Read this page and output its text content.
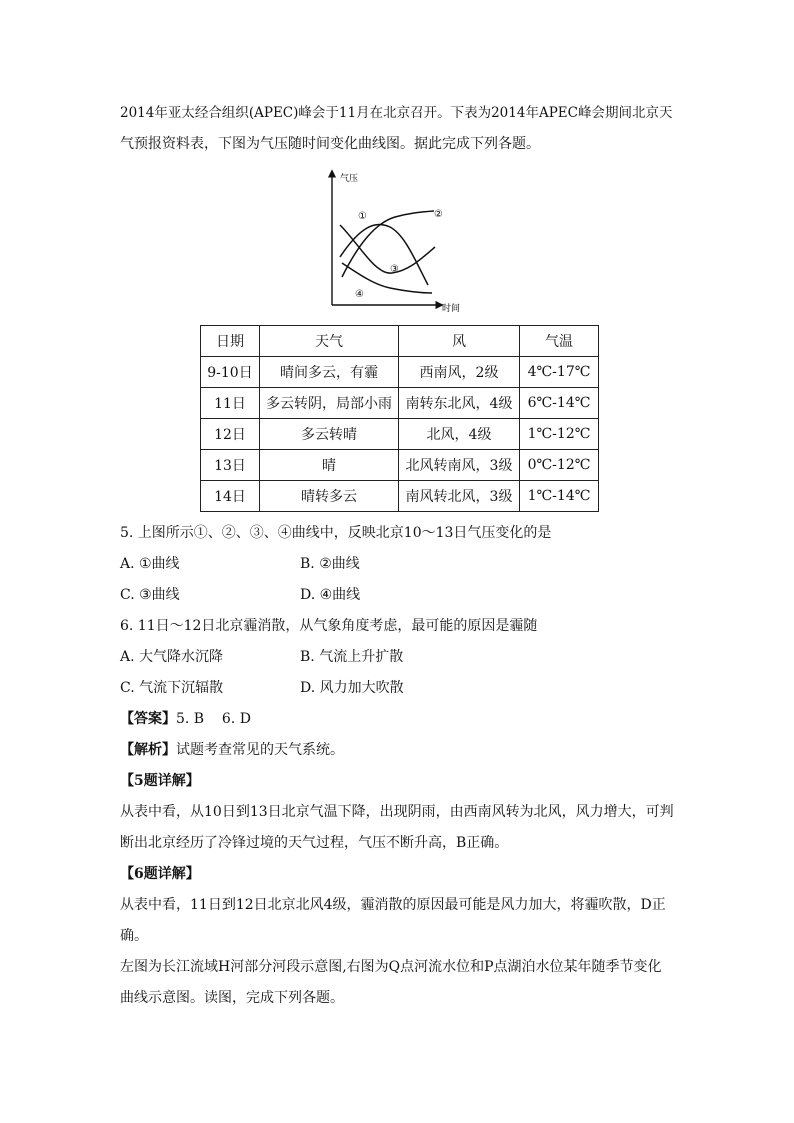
2014年亚太经合组织(APEC)峰会于11月在北京召开。下表为2014年APEC峰会期间北京天
气预报资料表，下图为气压随时间变化曲线图。据此完成下列各题。
气压
时间
①	②
③
④
日期	天气	风	气温
9-10日	晴间多云，有霾	西南风，2级	4℃-17℃
11日	多云转阴，局部小雨	南转东北风，4级	6℃-14℃
12日	多云转晴	北风，4级	1℃-12℃
13日	晴	北风转南风，3级	0℃-12℃
14日	晴转多云	南风转北风，3级	1℃-14℃
5. 上图所示①、②、③、④曲线中，反映北京10～13日气压变化的是
A. ①曲线	B. ②曲线
C. ③曲线	D. ④曲线
6. 11日～12日北京霾消散，从气象角度考虑，最可能的原因是霾随
A. 大气降水沉降	B. 气流上升扩散
C. 气流下沉辐散	D. 风力加大吹散
【答案】5. B    6. D
【解析】试题考查常见的天气系统。
【5题详解】
从表中看，从10日到13日北京气温下降，出现阴雨，由西南风转为北风，风力增大，可判
断出北京经历了冷锋过境的天气过程，气压不断升高，B正确。
【6题详解】
从表中看，11日到12日北京北风4级，霾消散的原因最可能是风力加大，将霾吹散，D正
确。
左图为长江流域H河部分河段示意图,右图为Q点河流水位和P点湖泊水位某年随季节变化
曲线示意图。读图，完成下列各题。
